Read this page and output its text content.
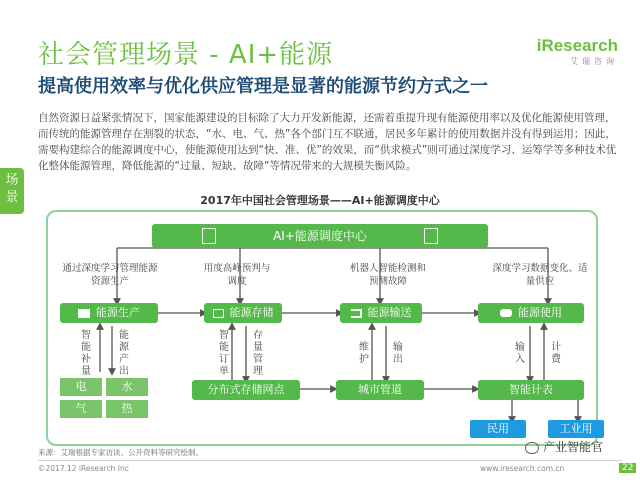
社会管理场景 - AI+能源
提高使用效率与优化供应管理是显著的能源节约方式之一
iResearch
艾瑞咨询
场景
自然资源日益紧张情况下，国家能源建设的目标除了大力开发新能源，还需着重提升现有能源使用率以及优化能源使用管理，而传统的能源管理存在割裂的状态，“水、电、气、热”各个部门互不联通，居民多年累计的使用数据并没有得到运用；因此，需要构建综合的能源调度中心，使能源使用达到“快、准、优”的效果，而“供求模式”则可通过深度学习、运筹学等多种技术优化整体能源管理，降低能源的“过量、短缺、故障”等情况带来的大规模失衡风险。
2017年中国社会管理场景——AI+能源调度中心
AI+能源调度中心
通过深度学习管理能源资源生产
用度高峰预判与调度
机器人智能检测和预测故障
深度学习数据变化、适量供应
能源生产	能源存储	能源输送	能源使用
智能补量
能源产出
智能订单
存量管理
维护
输出
输入
计费
电	水
气	热
分布式存储网点	城市管道	智能计表
民用	工业用
产业智能官
来源：艾瑞根据专家访谈、公开资料等研究绘制。
©2017.12 iResearch Inc	www.iresearch.com.cn	22
